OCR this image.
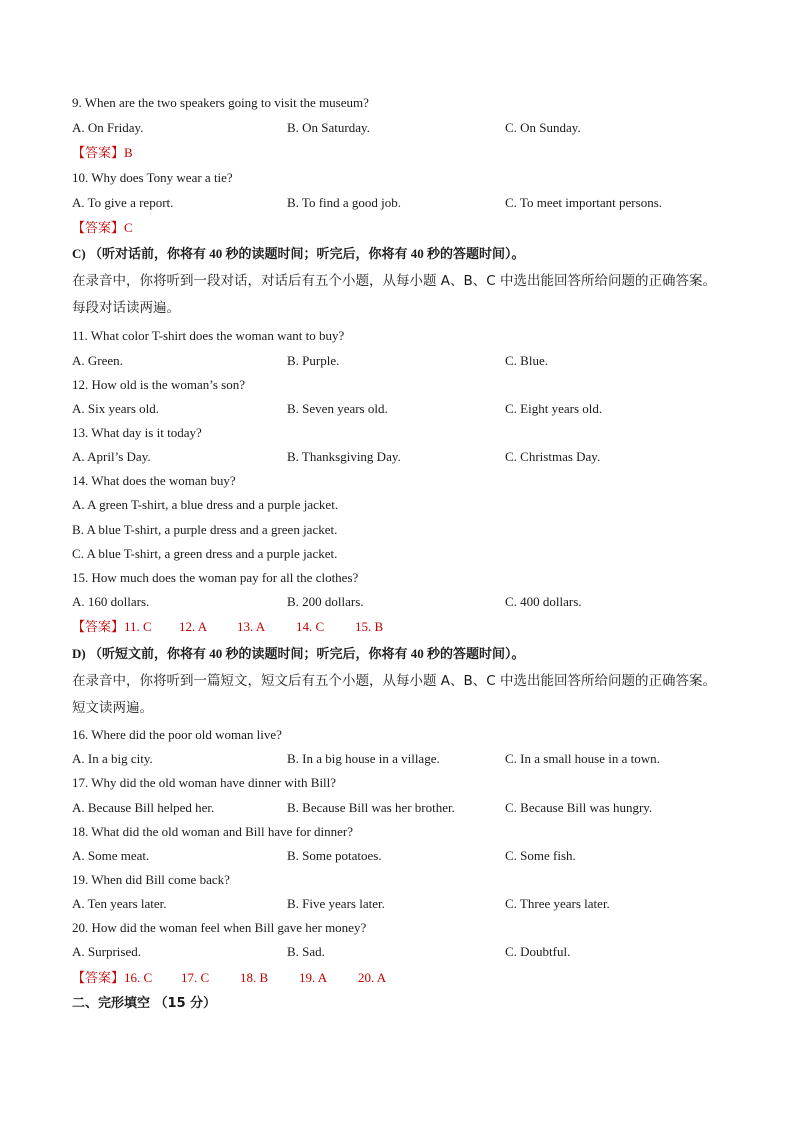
9. When are the two speakers going to visit the museum?
A. On Friday.	B. On Saturday.	C. On Sunday.
【答案】B
10. Why does Tony wear a tie?
A. To give a report.	B. To find a good job.	C. To meet important persons.
【答案】C
C) （听对话前，你将有 40 秒的读题时间；听完后，你将有 40 秒的答题时间）。
在录音中，你将听到一段对话，对话后有五个小题，从每小题 A、B、C 中选出能回答所给问题的正确答案。
每段对话读两遍。
11. What color T-shirt does the woman want to buy?
A. Green.	B. Purple.	C. Blue.
12. How old is the woman’s son?
A. Six years old.	B. Seven years old.	C. Eight years old.
13. What day is it today?
A. April’s Day.	B. Thanksgiving Day.	C. Christmas Day.
14. What does the woman buy?
A. A green T-shirt, a blue dress and a purple jacket.
B. A blue T-shirt, a purple dress and a green jacket.
C. A blue T-shirt, a green dress and a purple jacket.
15. How much does the woman pay for all the clothes?
A. 160 dollars.	B. 200 dollars.	C. 400 dollars.
【答案】11. C 12. A 13. A 14. C 15. B
D) （听短文前，你将有 40 秒的读题时间；听完后，你将有 40 秒的答题时间）。
在录音中，你将听到一篇短文，短文后有五个小题，从每小题 A、B、C 中选出能回答所给问题的正确答案。
短文读两遍。
16. Where did the poor old woman live?
A. In a big city.	B. In a big house in a village.	C. In a small house in a town.
17. Why did the old woman have dinner with Bill?
A. Because Bill helped her.	B. Because Bill was her brother.	C. Because Bill was hungry.
18. What did the old woman and Bill have for dinner?
A. Some meat.	B. Some potatoes.	C. Some fish.
19. When did Bill come back?
A. Ten years later.	B. Five years later.	C. Three years later.
20. How did the woman feel when Bill gave her money?
A. Surprised.	B. Sad.	C. Doubtful.
【答案】16. C 17. C 18. B 19. A 20. A
二、完形填空 （15 分）
